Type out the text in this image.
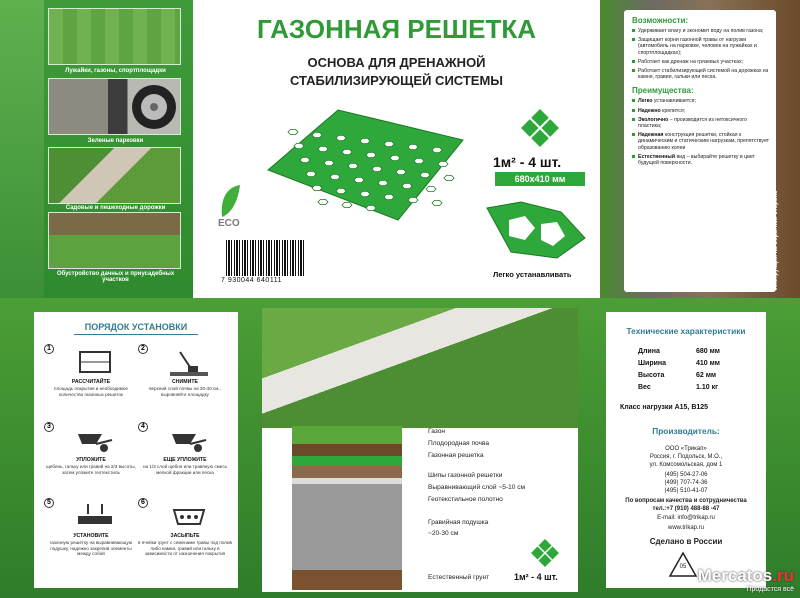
Лужайки, газоны, спортплощадки
Зеленые парковки
Садовые и пешеходные дорожки
Обустройство дачных и приусадебных участков
ГАЗОННАЯ РЕШЕТКА
ОСНОВА ДЛЯ ДРЕНАЖНОЙ
СТАБИЛИЗИРУЮЩЕЙ СИСТЕМЫ
ECO
7 930044 640111
1м² - 4 шт.
680х410 мм
Легко устанавливать
Возможности:
Удерживает влагу и экономит воду на полив газона;
Защищает корни газонной травы от нагрузки (автомобиль на парковке, человек на лужайках и спортплощадках);
Работает как дренаж на грязевых участках;
Работает стабилизирующей системой на дорожках из камня, гравия, гальки или песка.
Преимущества:
Легко устанавливается;
Надежно крепится;
Экологично – производится из нетоксичного пластика;
Надежная конструкция решетки, стойкая к динамическим и статическим нагрузкам, препятствует образованию колеи
Естественный вид – выбирайте решетку в цвет будущей поверхности.
Инструкция на обратной стороне
ПОРЯДОК УСТАНОВКИ
1
РАССЧИТАЙТЕ
площадь покрытия и необходимое количество газонных решеток
2
СНИМИТЕ
верхний слой почвы на 30-40 см., выровняйте площадку
3
УПЛОЖИТЕ
щебень, гальку или гравий на 2/3 высоты, затем уложите геотекстиль
4
ЕЩЕ УПЛОЖИТЕ
на 1/3 слой щебня или травяную смесь мелкой фракции или песка
5
УСТАНОВИТЕ
газонную решетку на выравнивающую подушку, надежно закрепив элементы между собой
6
ЗАСЫПЬТЕ
в ячейки грунт с семенами травы под полив либо камни, гравий или гальку в зависимости от назначения покрытия
Газон
Плодородная почва
Газонная решетка
Шипы газонной решетки
Выравнивающий слой ~5-10 см
Геотекстильное полотно
Гравийная подушка
~20-30 см
Естественный грунт	1м² - 4 шт.
Технические характеристики
Длина	680 мм
Ширина	410 мм
Высота	62 мм
Вес	1.10 кг
Класс нагрузки А15, В125
Производитель:
ООО «Трикап»
Россия, г. Подольск, М.О.,
ул. Комсомольская, дом 1
(495) 504-27-06
(499) 707-74-36
(495) 510-41-07
По вопросам качества и сотрудничества
тел.:+7 (910) 488-88 -47
E-mail: info@trikap.ru
www.trikap.ru
Сделано в России
05 Mercatos.ru
Продастся всё
